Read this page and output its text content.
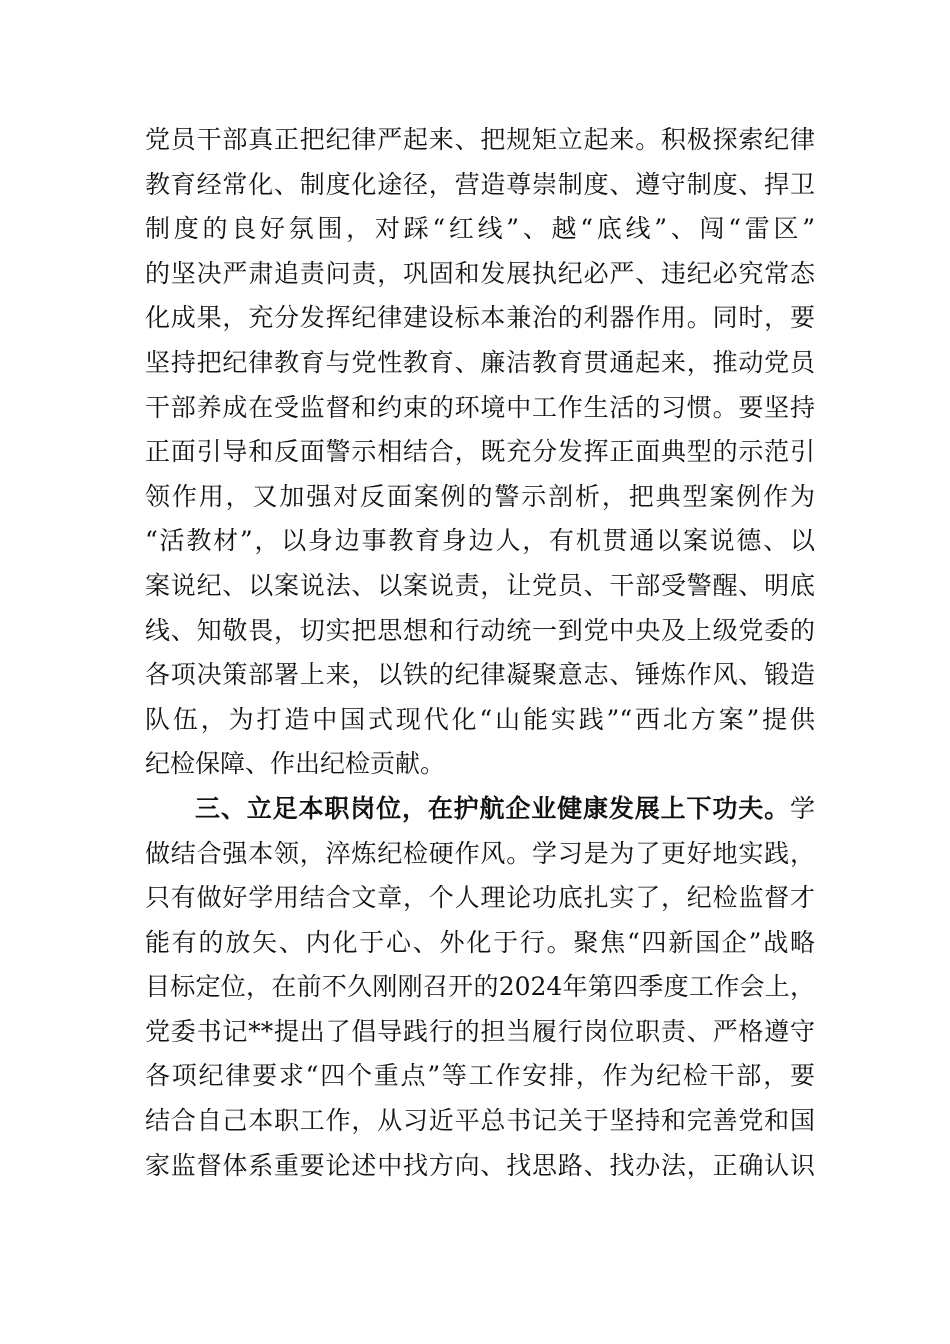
党员干部真正把纪律严起来、把规矩立起来。积极探索纪律
教育经常化、制度化途径，营造尊崇制度、遵守制度、捍卫
制度的良好氛围，对踩“红线”、越“底线”、闯“雷区”
的坚决严肃追责问责，巩固和发展执纪必严、违纪必究常态
化成果，充分发挥纪律建设标本兼治的利器作用。同时，要
坚持把纪律教育与党性教育、廉洁教育贯通起来，推动党员
干部养成在受监督和约束的环境中工作生活的习惯。要坚持
正面引导和反面警示相结合，既充分发挥正面典型的示范引
领作用，又加强对反面案例的警示剖析，把典型案例作为
“活教材”，以身边事教育身边人，有机贯通以案说德、以
案说纪、以案说法、以案说责，让党员、干部受警醒、明底
线、知敬畏，切实把思想和行动统一到党中央及上级党委的
各项决策部署上来，以铁的纪律凝聚意志、锤炼作风、锻造
队伍，为打造中国式现代化“山能实践”“西北方案”提供
纪检保障、作出纪检贡献。
三、立足本职岗位，在护航企业健康发展上下功夫。学
做结合强本领，淬炼纪检硬作风。学习是为了更好地实践，
只有做好学用结合文章，个人理论功底扎实了，纪检监督才
能有的放矢、内化于心、外化于行。聚焦“四新国企”战略
目标定位，在前不久刚刚召开的2024年第四季度工作会上，
党委书记**提出了倡导践行的担当履行岗位职责、严格遵守
各项纪律要求“四个重点”等工作安排，作为纪检干部，要
结合自己本职工作，从习近平总书记关于坚持和完善党和国
家监督体系重要论述中找方向、找思路、找办法，正确认识
